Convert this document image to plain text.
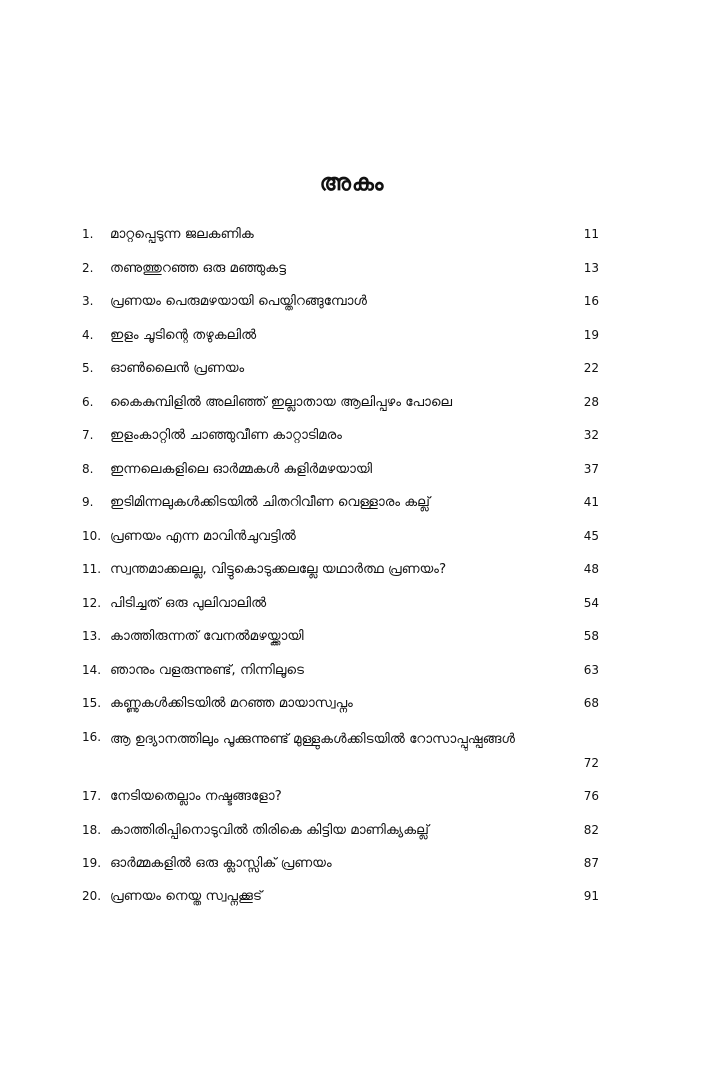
അകം
1.	മാറ്റപ്പെടുന്ന ജലകണിക	11
2.	തണുത്തുറഞ്ഞ ഒരു മഞ്ഞുകട്ട	13
3.	പ്രണയം പെരുമഴയായി പെയ്തിറങ്ങുമ്പോൾ	16
4.	ഇളം ചൂടിന്റെ തഴുകലിൽ	19
5.	ഓൺലൈൻ പ്രണയം	22
6.	കൈകുമ്പിളിൽ അലിഞ്ഞ് ഇല്ലാതായ ആലിപ്പഴം പോലെ	28
7.	ഇളംകാറ്റിൽ ചാഞ്ഞുവീണ കാറ്റാടിമരം	32
8.	ഇന്നലെകളിലെ ഓർമ്മകൾ കുളിർമഴയായി	37
9.	ഇടിമിന്നലുകൾക്കിടയിൽ ചിതറിവീണ വെള്ളാരം കല്ല്	41
10. പ്രണയം എന്ന മാവിൻചുവട്ടിൽ	45
11. സ്വന്തമാക്കലല്ല, വിട്ടുകൊടുക്കലല്ലേ യഥാർത്ഥ പ്രണയം?	48
12. പിടിച്ചത് ഒരു പുലിവാലിൽ	54
13. കാത്തിരുന്നത് വേനൽമഴയ്ക്കായി	58
14. ഞാനും വളരുന്നുണ്ട്, നിന്നിലൂടെ	63
15. കണ്ണുകൾക്കിടയിൽ മറഞ്ഞ മായാസ്വപ്നം	68
16. ആ ഉദ്യാനത്തിലും പൂക്കുന്നുണ്ട് മുള്ളുകൾക്കിടയിൽ റോസാപ്പുഷ്പങ്ങൾ
72
17. നേടിയതെല്ലാം നഷ്ടങ്ങളോ?	76
18. കാത്തിരിപ്പിനൊടുവിൽ തിരികെ കിട്ടിയ മാണിക്യകല്ല്	82
19. ഓർമ്മകളിൽ ഒരു ക്ലാസ്സിക് പ്രണയം	87
20. പ്രണയം നെയ്ത സ്വപ്നക്കൂട്	91
